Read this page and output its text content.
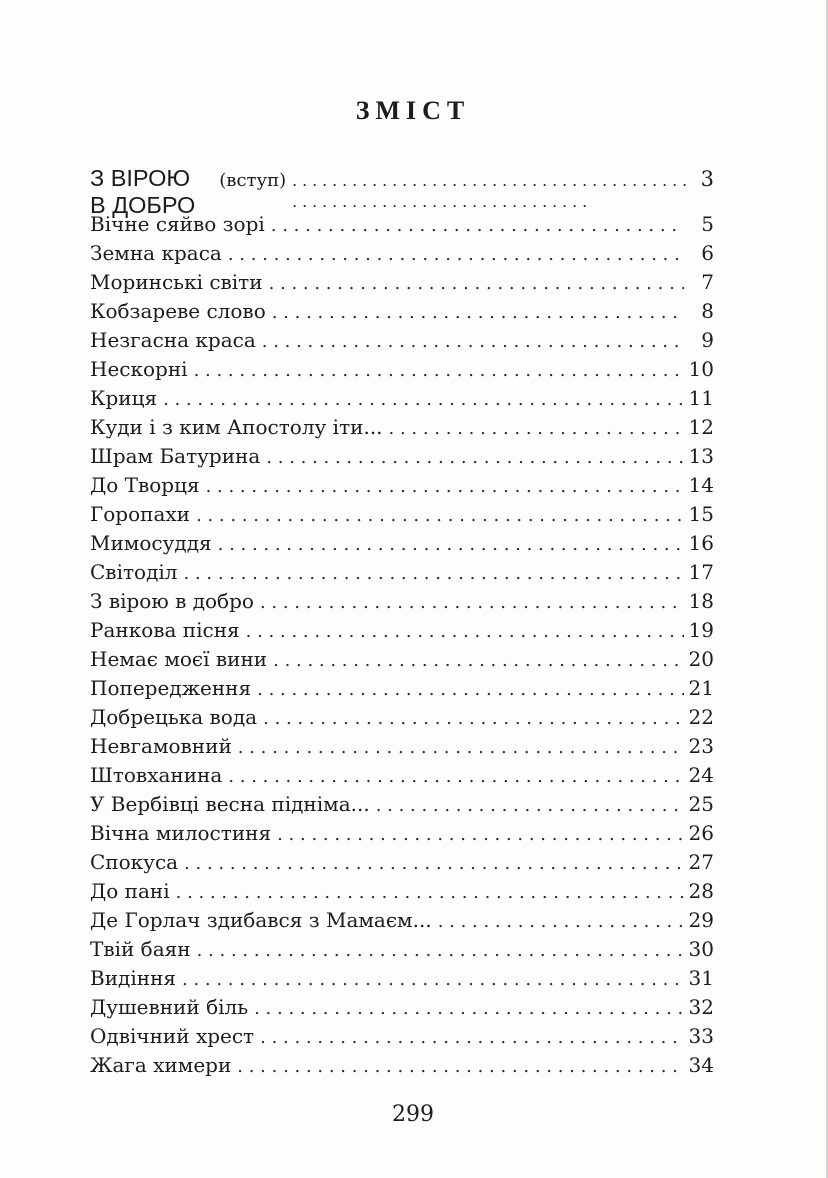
ЗМІСТ
З ВІРОЮ В ДОБРО
(вступ) . . .	3
Вічне сяйво зорі . . .	5
Земна краса . . .	6
Моринські світи . . .	7
Кобзареве слово . . .	8
Незгасна краса . . .	9
Нескорні . . .	10
Криця . . .	11
Куди і з ким Апостолу іти... . . .	12
Шрам Батурина . . .	13
До Творця . . .	14
Горопахи . . .	15
Мимосуддя . . .	16
Світоділ . . .	17
З вірою в добро . . .	18
Ранкова пісня . . .	19
Немає моєї вини . . .	20
Попередження . . .	21
Добрецька вода . . .	22
Невгамовний . . .	23
Штовханина . . .	24
У Вербівці весна підніма... . . .	25
Вічна милостиня . . .	26
Спокуса . . .	27
До пані . . .	28
Де Горлач здибався з Мамаєм... . . .	29
Твій баян . . .	30
Видіння . . .	31
Душевний біль . . .	32
Одвічний хрест . . .	33
Жага химери . . .	34

299
